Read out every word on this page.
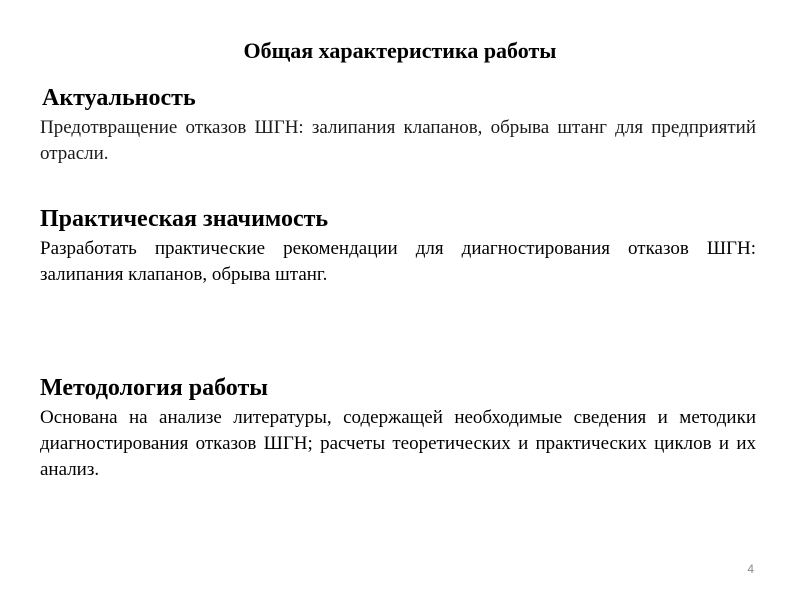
Общая характеристика работы

Актуальность

Предотвращение отказов ШГН: залипания клапанов, обрыва штанг для предприятий отрасли.

Практическая значимость

Разработать практические рекомендации для диагностирования отказов ШГН: залипания клапанов, обрыва штанг.

Методология работы

Основана на анализе литературы, содержащей необходимые сведения и методики диагностирования отказов ШГН; расчеты теоретических и практических циклов и их анализ.

4
